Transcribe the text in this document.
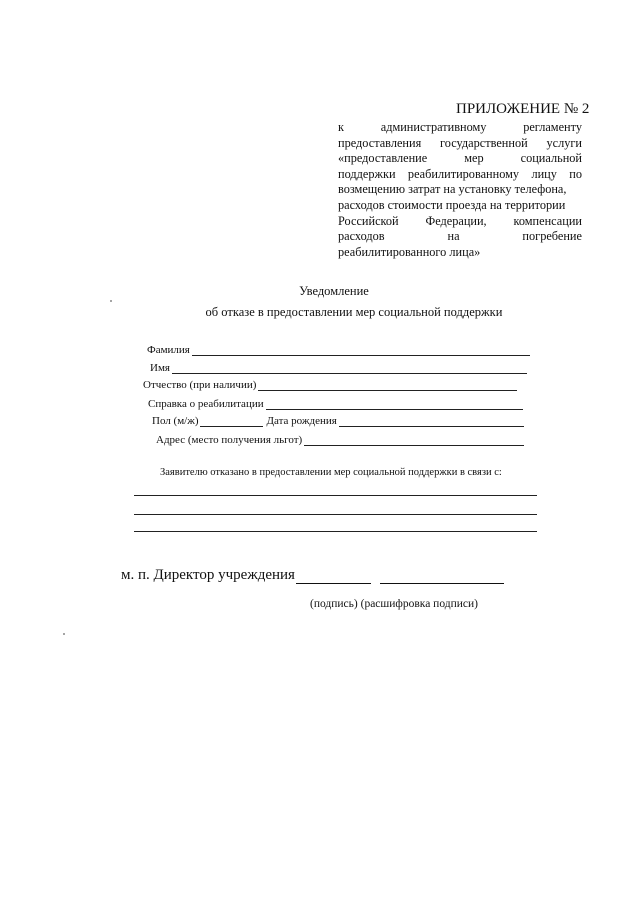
ПРИЛОЖЕНИЕ № 2
к	административному	регламенту
предоставления государственной услуги
«предоставление	мер	социальной
поддержки реабилитированному лицу по
возмещению затрат на установку телефона,
расходов стоимости проезда на территории
Российской Федерации, компенсации
расходов	на	погребение
реабилитированного лица»
Уведомление
об отказе в предоставлении мер социальной поддержки
Фамилия
Имя
Отчество (при наличии)
Справка о реабилитации
Пол (м/ж)	Дата рождения
Адрес (место получения льгот)
Заявителю отказано в предоставлении мер социальной поддержки в связи с:
м. п. Директор учреждения
(подпись) (расшифровка подписи)
